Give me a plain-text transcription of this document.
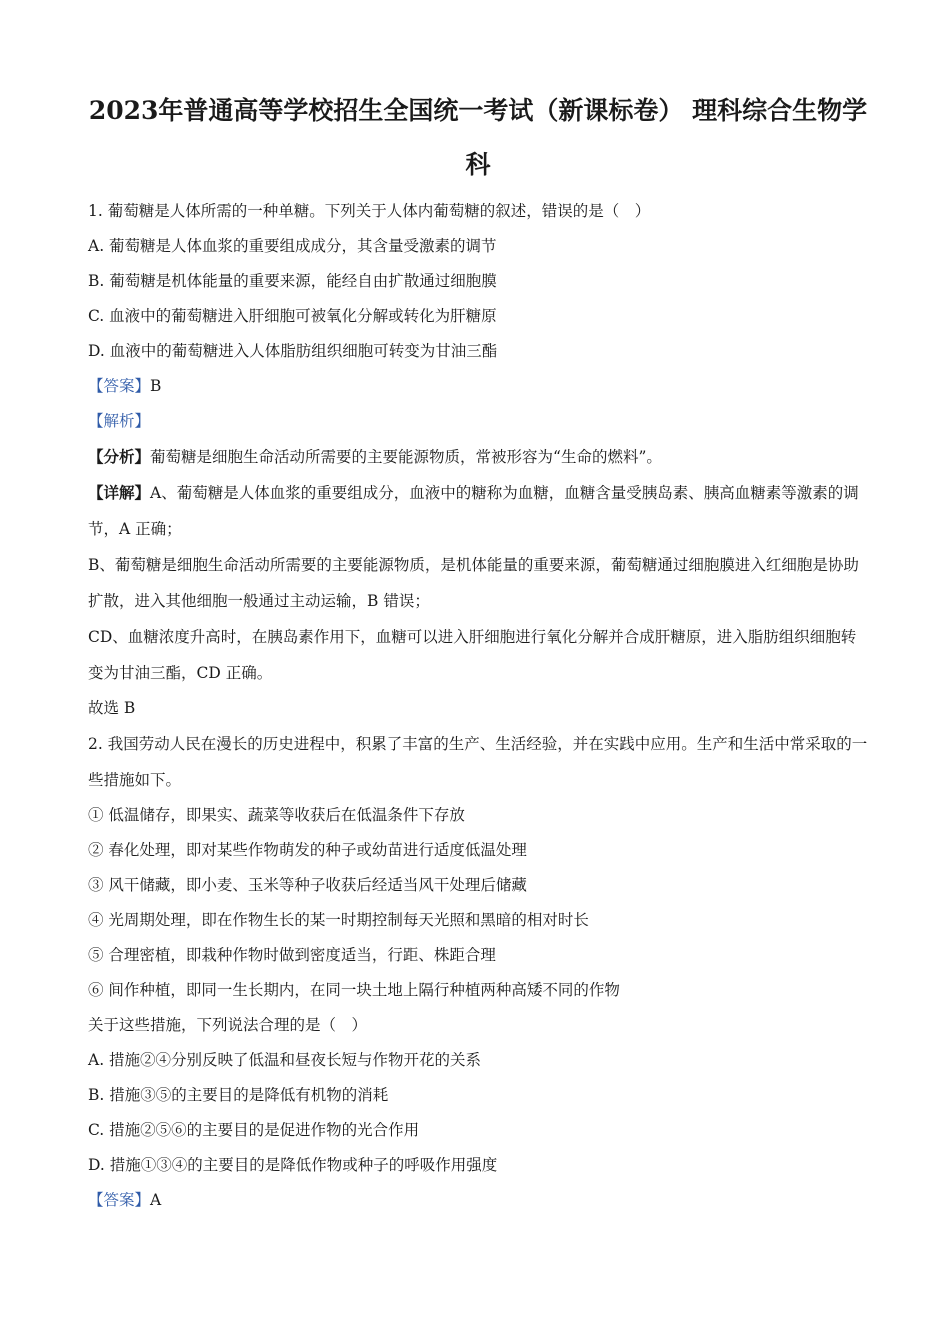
2023年普通高等学校招生全国统一考试（新课标卷） 理科综合生物学
科
1. 葡萄糖是人体所需的一种单糖。下列关于人体内葡萄糖的叙述，错误的是（　）
A. 葡萄糖是人体血浆的重要组成成分，其含量受激素的调节
B. 葡萄糖是机体能量的重要来源，能经自由扩散通过细胞膜
C. 血液中的葡萄糖进入肝细胞可被氧化分解或转化为肝糖原
D. 血液中的葡萄糖进入人体脂肪组织细胞可转变为甘油三酯
【答案】B
【解析】
【分析】葡萄糖是细胞生命活动所需要的主要能源物质，常被形容为“生命的燃料”。
【详解】A、葡萄糖是人体血浆的重要组成分，血液中的糖称为血糖，血糖含量受胰岛素、胰高血糖素等激素的调节，A 正确；
B、葡萄糖是细胞生命活动所需要的主要能源物质，是机体能量的重要来源，葡萄糖通过细胞膜进入红细胞是协助扩散，进入其他细胞一般通过主动运输，B 错误；
CD、血糖浓度升高时，在胰岛素作用下，血糖可以进入肝细胞进行氧化分解并合成肝糖原，进入脂肪组织细胞转变为甘油三酯，CD 正确。
故选 B
2. 我国劳动人民在漫长的历史进程中，积累了丰富的生产、生活经验，并在实践中应用。生产和生活中常采取的一些措施如下。
① 低温储存，即果实、蔬菜等收获后在低温条件下存放
② 春化处理，即对某些作物萌发的种子或幼苗进行适度低温处理
③ 风干储藏，即小麦、玉米等种子收获后经适当风干处理后储藏
④ 光周期处理，即在作物生长的某一时期控制每天光照和黑暗的相对时长
⑤ 合理密植，即栽种作物时做到密度适当，行距、株距合理
⑥ 间作种植，即同一生长期内，在同一块土地上隔行种植两种高矮不同的作物
关于这些措施，下列说法合理的是（　）
A. 措施②④分别反映了低温和昼夜长短与作物开花的关系
B. 措施③⑤的主要目的是降低有机物的消耗
C. 措施②⑤⑥的主要目的是促进作物的光合作用
D. 措施①③④的主要目的是降低作物或种子的呼吸作用强度
【答案】A
